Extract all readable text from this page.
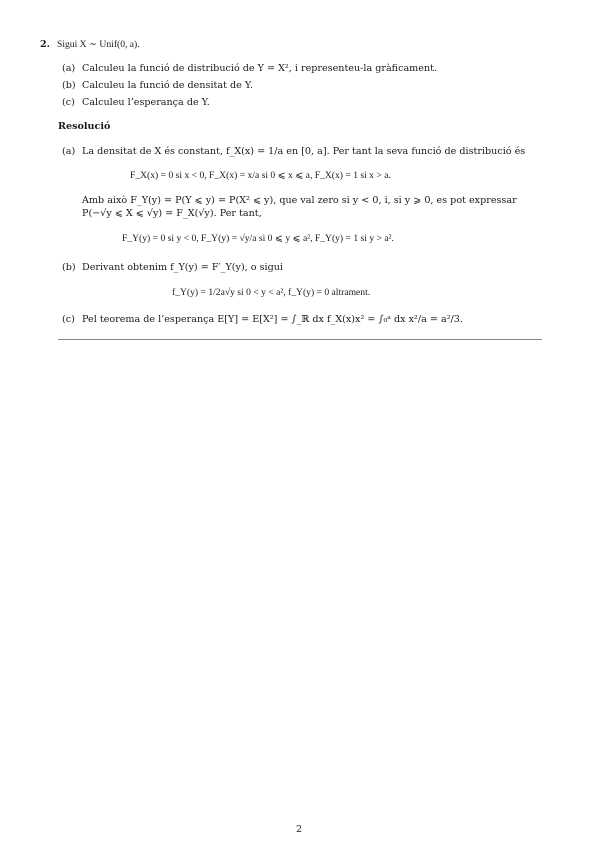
2. Sigui X ∼ Unif(0, a).
(a) Calculeu la funció de distribució de Y = X², i representeu-la gràficament.
(b) Calculeu la funció de densitat de Y.
(c) Calculeu l’esperança de Y.
Resolució
(a) La densitat de X és constant, f_X(x) = 1/a en [0, a]. Per tant la seva funció de distribució és
F_X(x) = 0 si x < 0, F_X(x) = x/a si 0 ⩽ x ⩽ a, F_X(x) = 1 si x > a.
Amb això F_Y(y) = P(Y ⩽ y) = P(X² ⩽ y), que val zero si y < 0, i, si y ⩾ 0, es pot expressar
P(−√y ⩽ X ⩽ √y) = F_X(√y). Per tant,
F_Y(y) = 0 si y < 0, F_Y(y) = √y/a si 0 ⩽ y ⩽ a², F_Y(y) = 1 si y > a².
(b) Derivant obtenim f_Y(y) = F′_Y(y), o sigui
f_Y(y) = 1/2a√y si 0 < y < a², f_Y(y) = 0 altrament.
(c) Pel teorema de l’esperança E[Y] = E[X²] = ∫_ℝ dx f_X(x)x² = ∫₀ᵃ dx x²/a = a²/3.
2
